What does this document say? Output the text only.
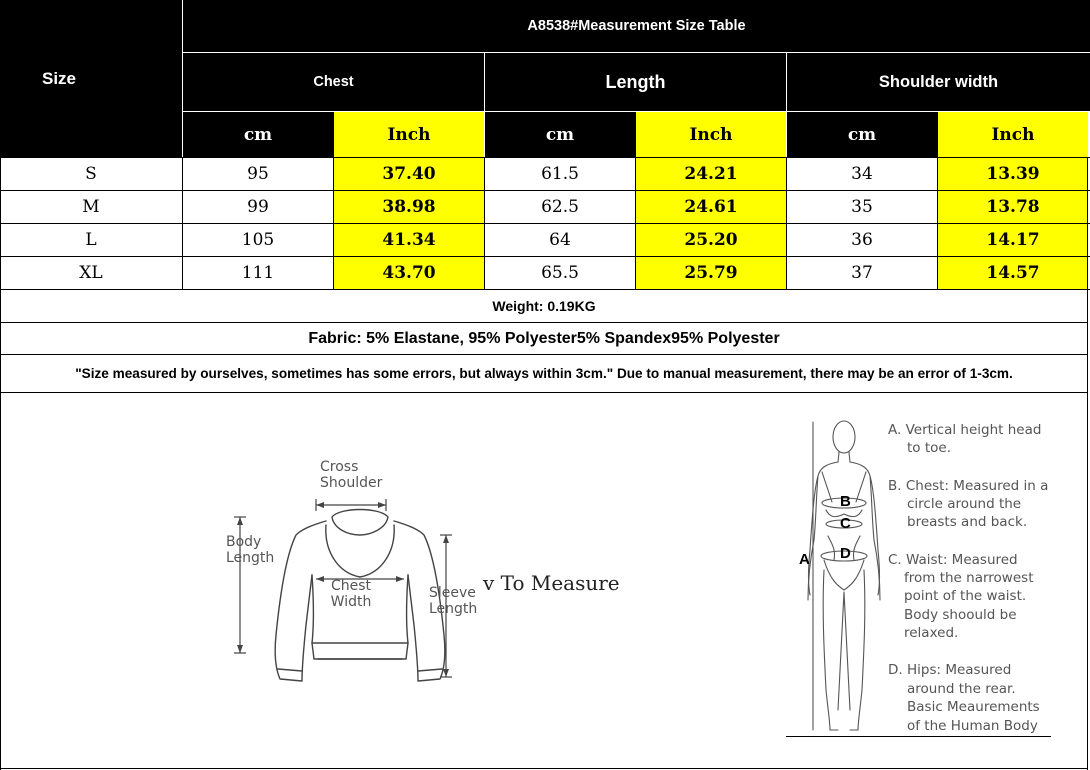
Size
A8538#Measurement Size Table
Chest	Length	Shoulder width
cm	Inch	cm	Inch	cm	Inch
S	95	37.40	61.5	24.21	34	13.39
M	99	38.98	62.5	24.61	35	13.78
L	105	41.34	64	25.20	36	14.17
XL	111	43.70	65.5	25.79	37	14.57
Weight: 0.19KG
Fabric: 5% Elastane, 95% Polyester5% Spandex95% Polyester
"Size measured by ourselves, sometimes has some errors, but always within 3cm." Due to manual measurement, there may be an error of 1-3cm.
Cross
Shoulder
Body
Length
Chest
Width
Sleeve
Length
v To Measure
A
B
C
D
A. Vertical height head
to toe.
B. Chest: Measured in a
circle around the
breasts and back.
C. Waist: Measured
from the narrowest
point of the waist.
Body shoould be
relaxed.
D. Hips: Measured
around the rear.
Basic Meaurements
of the Human Body
